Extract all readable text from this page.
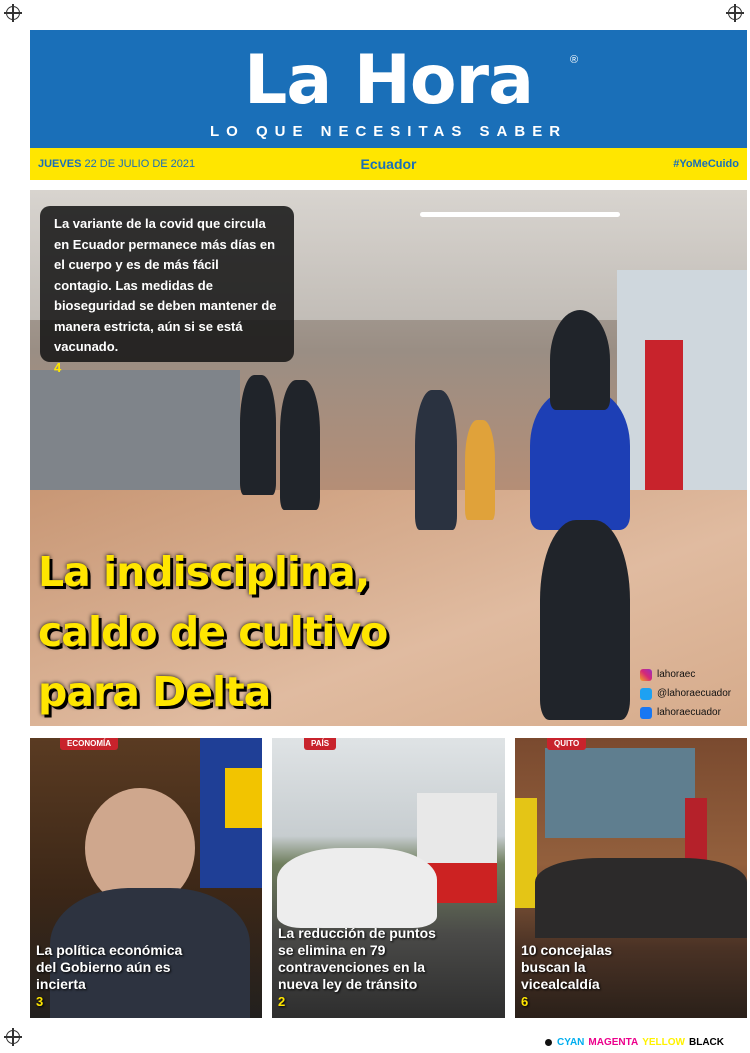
La Hora	®
LO QUE NECESITAS SABER
JUEVES 22 DE JULIO DE 2021	Ecuador	#YoMeCuido
La variante de la covid que circula en Ecuador permanece más días en el cuerpo y es de más fácil contagio. Las medidas de bioseguridad se deben mantener de manera estricta, aún si se está vacunado.
4
La indisciplina,
caldo de cultivo
para Delta	lahoraec
@lahoraecuador
lahoraecuador
ECONOMÍA
La política económica del Gobierno aún es incierta
3
PAÍS
La reducción de puntos se elimina en 79 contravenciones en la nueva ley de tránsito
2
QUITO
10 concejalas buscan la vicealcaldía
6
CYAN MAGENTA YELLOW BLACK
